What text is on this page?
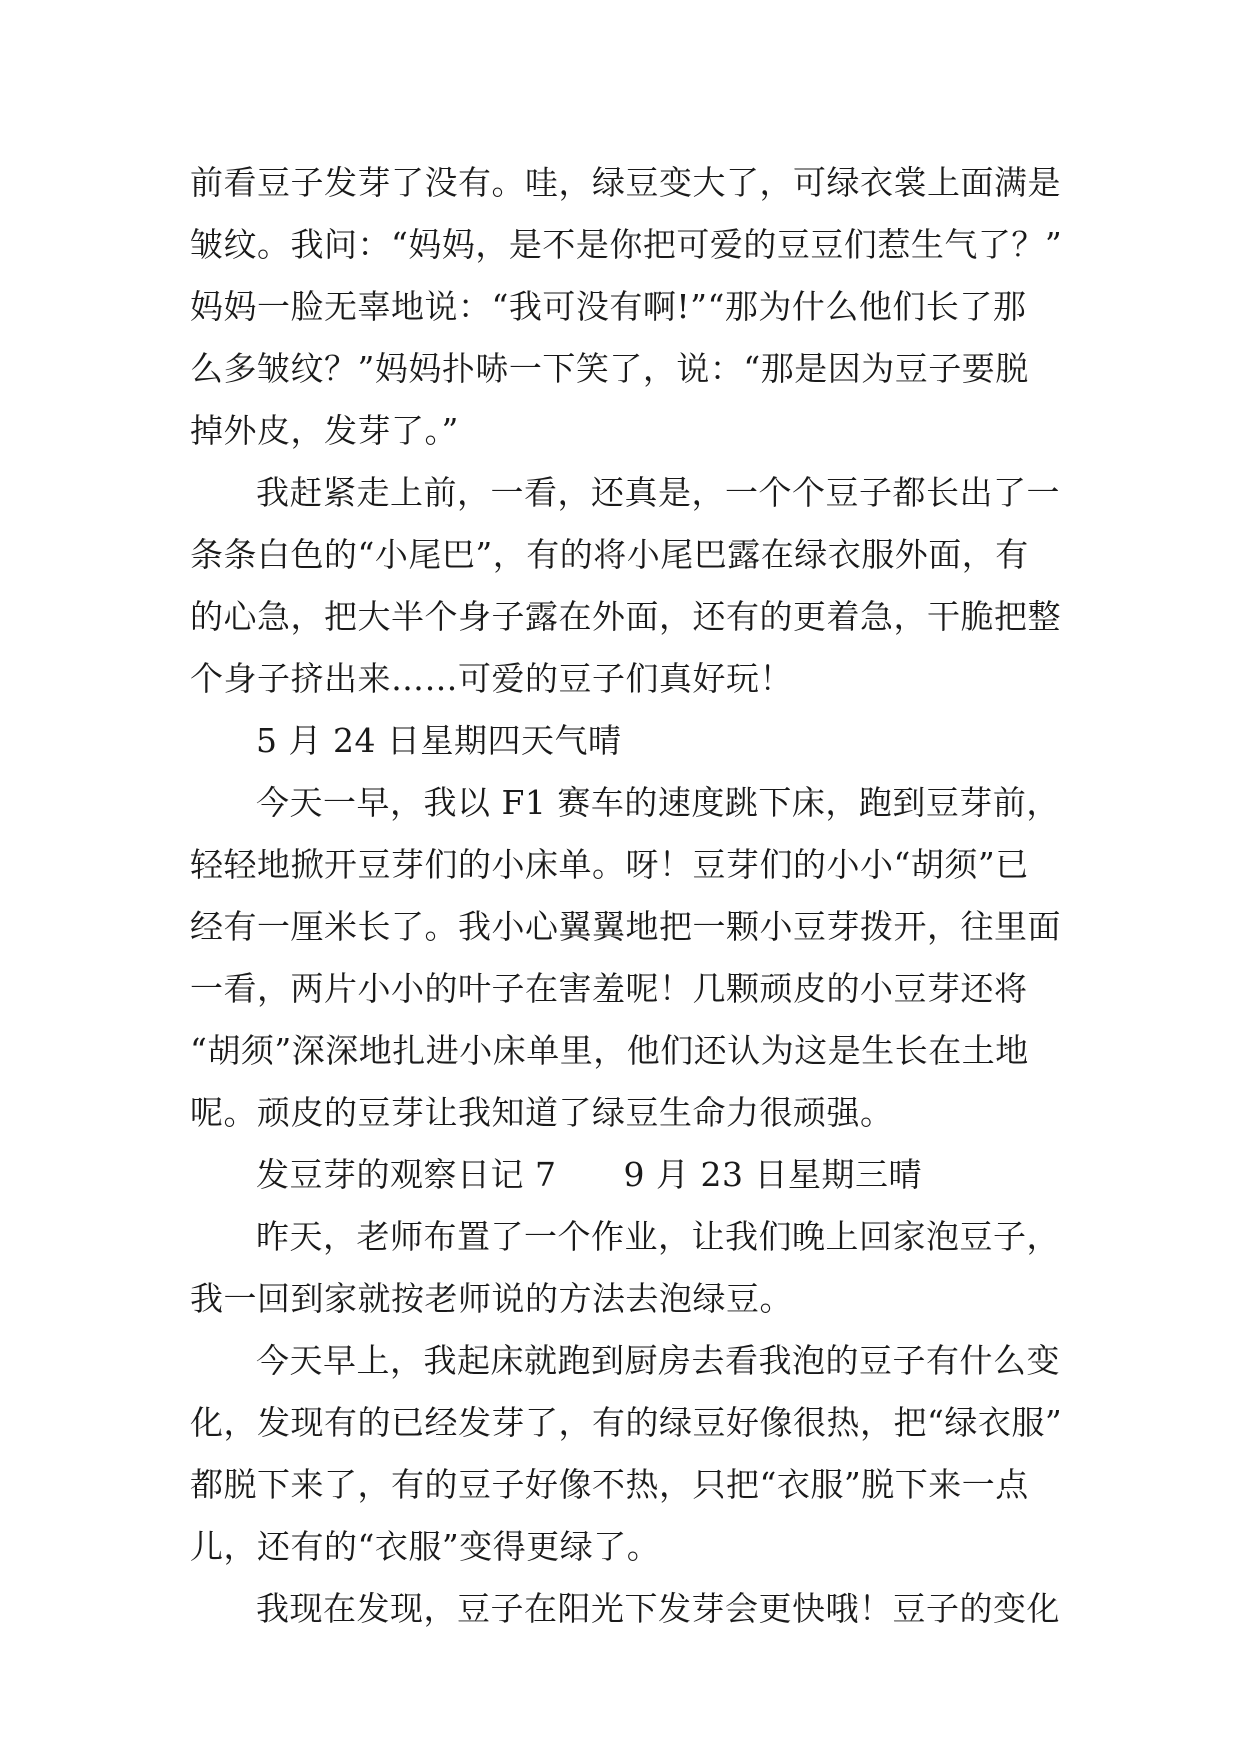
前看豆子发芽了没有。哇，绿豆变大了，可绿衣裳上面满是
皱纹。我问：“妈妈，是不是你把可爱的豆豆们惹生气了？”
妈妈一脸无辜地说：“我可没有啊!”“那为什么他们长了那
么多皱纹？”妈妈扑哧一下笑了，说：“那是因为豆子要脱
掉外皮，发芽了。”
我赶紧走上前，一看，还真是，一个个豆子都长出了一
条条白色的“小尾巴”，有的将小尾巴露在绿衣服外面，有
的心急，把大半个身子露在外面，还有的更着急，干脆把整
个身子挤出来……可爱的豆子们真好玩！
5 月 24 日星期四天气晴
今天一早，我以 F1 赛车的速度跳下床，跑到豆芽前，
轻轻地掀开豆芽们的小床单。呀！豆芽们的小小“胡须”已
经有一厘米长了。我小心翼翼地把一颗小豆芽拨开，往里面
一看，两片小小的叶子在害羞呢！几颗顽皮的小豆芽还将
“胡须”深深地扎进小床单里，他们还认为这是生长在土地
呢。顽皮的豆芽让我知道了绿豆生命力很顽强。
发豆芽的观察日记 7　　9 月 23 日星期三晴
昨天，老师布置了一个作业，让我们晚上回家泡豆子，
我一回到家就按老师说的方法去泡绿豆。
今天早上，我起床就跑到厨房去看我泡的豆子有什么变
化，发现有的已经发芽了，有的绿豆好像很热，把“绿衣服”
都脱下来了，有的豆子好像不热，只把“衣服”脱下来一点
儿，还有的“衣服”变得更绿了。
我现在发现，豆子在阳光下发芽会更快哦！豆子的变化
